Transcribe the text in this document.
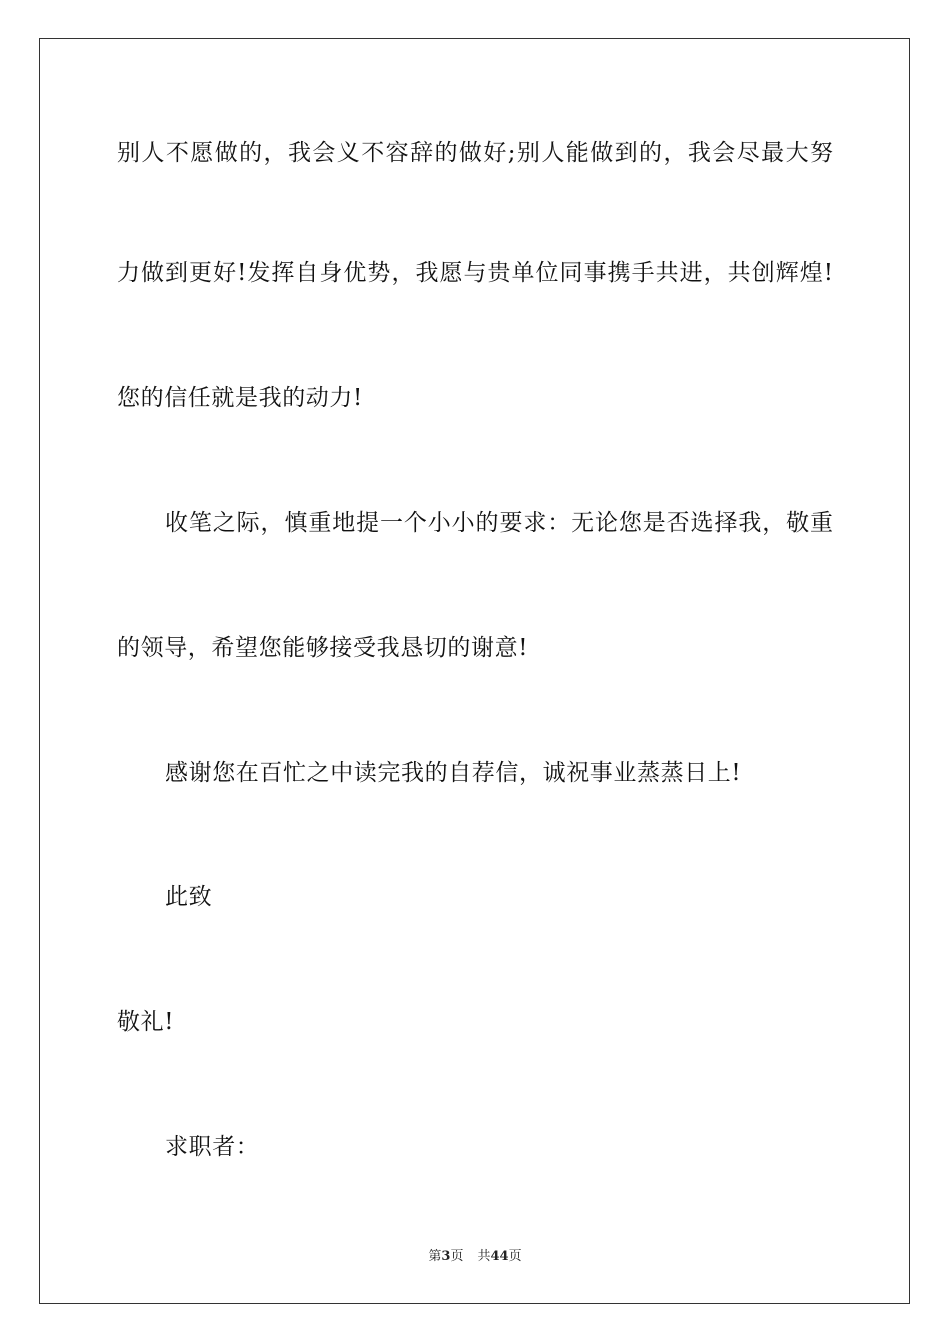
别人不愿做的，我会义不容辞的做好;别人能做到的，我会尽最大努
力做到更好!发挥自身优势，我愿与贵单位同事携手共进，共创辉煌!
您的信任就是我的动力!
收笔之际，慎重地提一个小小的要求：无论您是否选择我，敬重
的领导，希望您能够接受我恳切的谢意!
感谢您在百忙之中读完我的自荐信，诚祝事业蒸蒸日上!
此致
敬礼!
求职者：
第3页 共44页
